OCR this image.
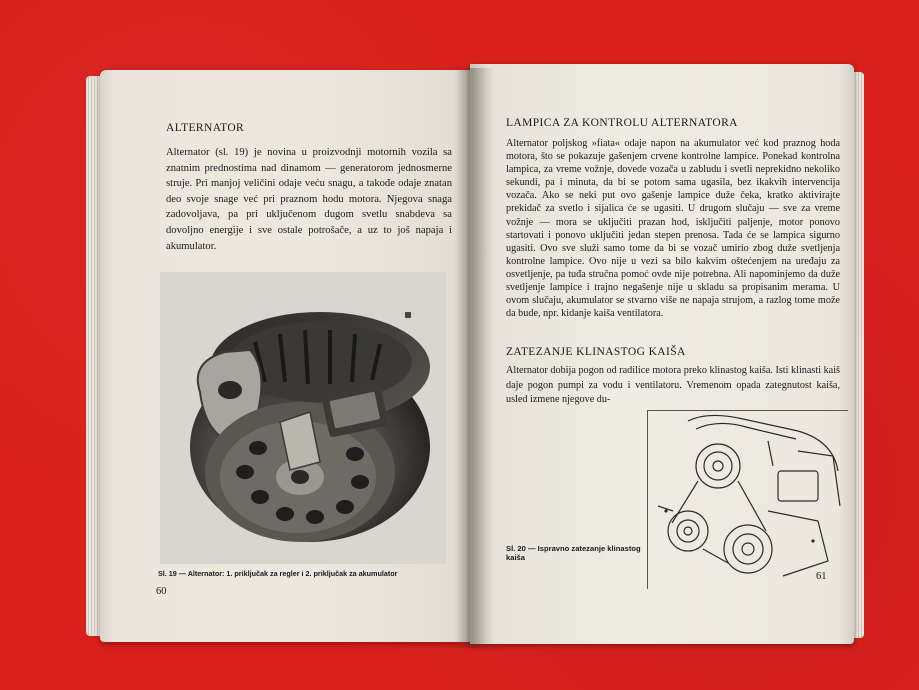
ALTERNATOR

Alternator (sl. 19) je novina u proizvodnji motornih vozila sa znatnim prednostima nad dinamom — generatorom jednosmerne struje. Pri manjoj veličini odaje veću snagu, a takođe odaje znatan deo svoje snage već pri praznom hodu motora. Njegova snaga zadovoljava, pa pri uključenom dugom svetlu snabdeva sa dovoljno energije i sve ostale potrošače, a uz to još napaja i akumulator.

Sl. 19 — Alternator: 1. priključak za regler i 2. priključak za akumulator

60

LAMPICA ZA KONTROLU ALTERNATORA

Alternator poljskog »fiata« odaje napon na akumulator već kod praznog hoda motora, što se pokazuje gašenjem crvene kontrolne lampice. Ponekad kontrolna lampica, za vreme vožnje, dovede vozača u zabludu i svetli neprekidno nekoliko sekundi, pa i minuta, da bi se potom sama ugasila, bez ikakvih intervencija vozača. Ako se neki put ovo gašenje lampice duže čeka, kratko aktivirajte prekidač za svetlo i sijalica će se ugasiti. U drugom slučaju — sve za vreme vožnje — mora se uključiti prazan hod, isključiti paljenje, motor ponovo startovati i ponovo uključiti jedan stepen prenosa. Tada će se lampica sigurno ugasiti. Ovo sve služi samo tome da bi se vozač umirio zbog duže svetljenja kontrolne lampice. Ovo nije u vezi sa bilo kakvim oštećenjem na uređaju za osvetljenje, pa tuđa stručna pomoć ovde nije potrebna. Ali napominjemo da duže svetljenje lampice i trajno negašenje nije u skladu sa propisanim merama. U ovom slučaju, akumulator se stvarno više ne napaja strujom, a razlog tome može da bude, npr. kidanje kaiša ventilatora.

ZATEZANJE KLINASTOG KAIŠA

Alternator dobija pogon od radilice motora preko klinastog kaiša. Isti klinasti kaiš daje pogon pumpi za vodu i ventilatoru. Vremenom opada zategnutost kaiša, usled izmene njegove du-

Sl. 20 — Ispravno zatezanje klinastog kaiša

61
